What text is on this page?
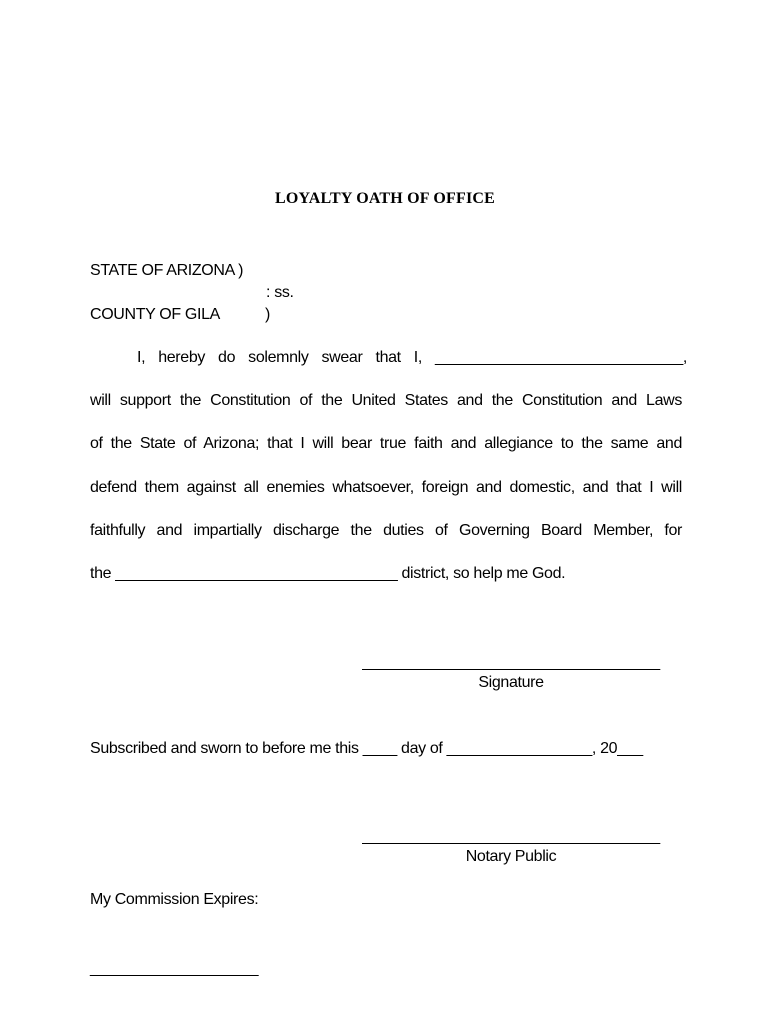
LOYALTY OATH OF OFFICE
STATE OF ARIZONA )
: ss.
COUNTY OF GILA	)
I, hereby do solemnly swear that I, _____________________________,
will support the Constitution of the United States and the Constitution and Laws
of the State of Arizona; that I will bear true faith and allegiance to the same and
defend them against all enemies whatsoever, foreign and domestic, and that I will
faithfully and impartially discharge the duties of Governing Board Member, for
the _________________________________ district, so help me God.
___________________________________
Signature
Subscribed and sworn to before me this ____ day of _________________, 20___
___________________________________
Notary Public
My Commission Expires:
____________________
